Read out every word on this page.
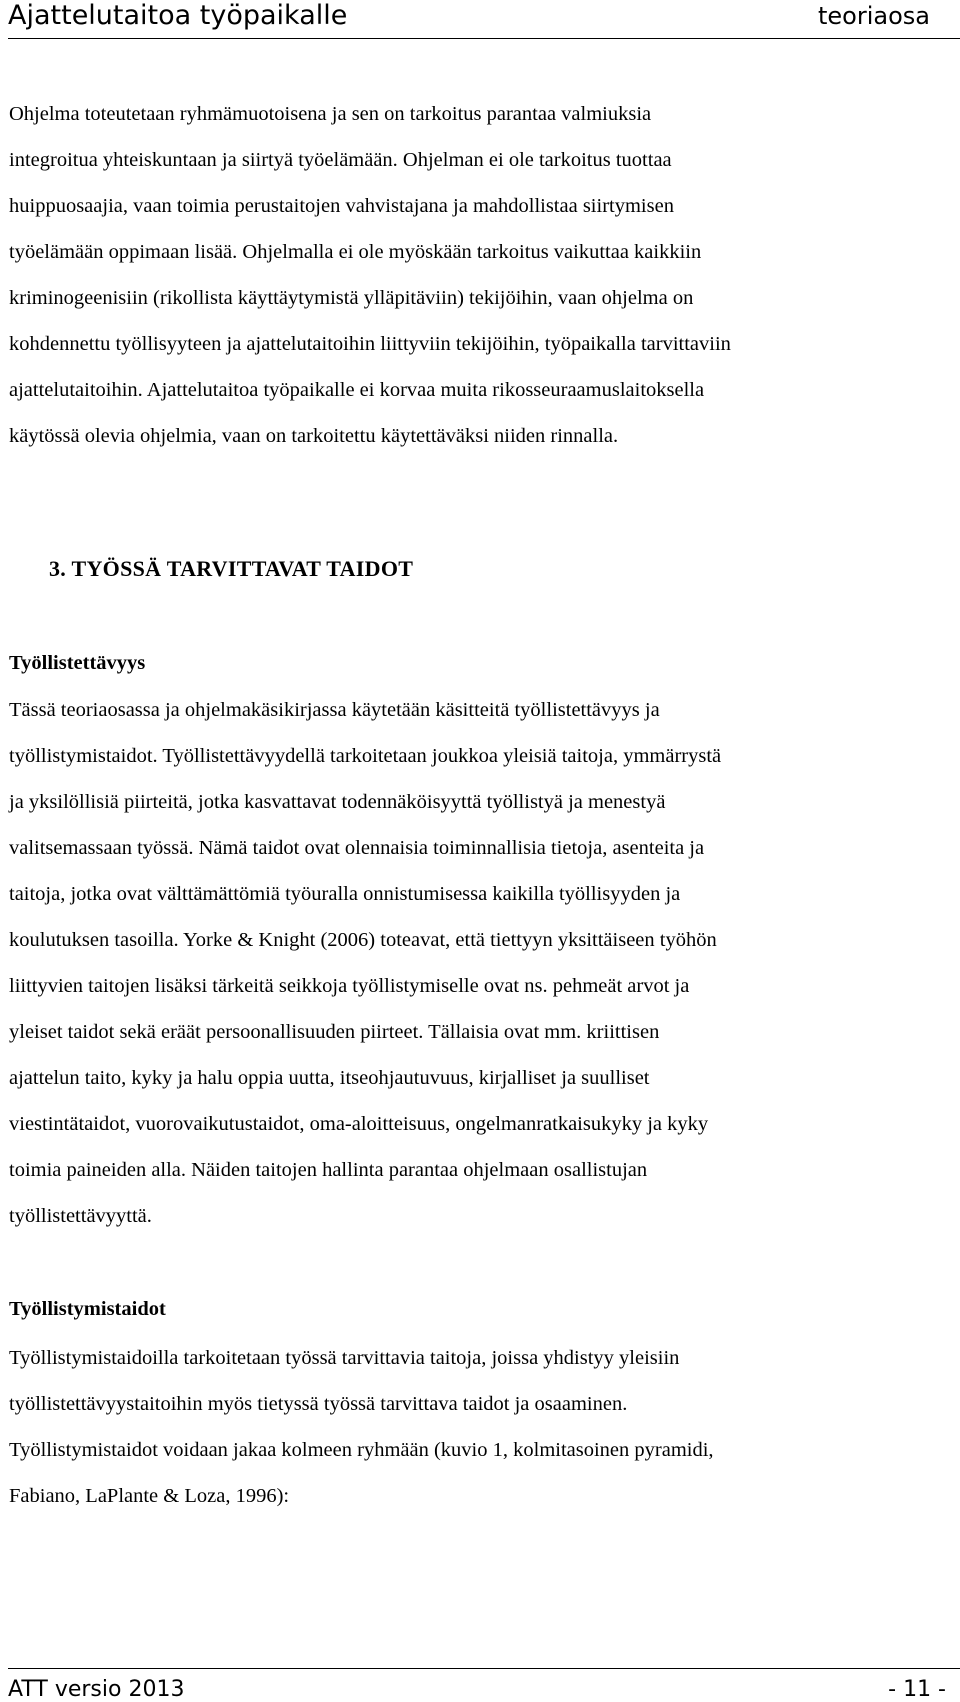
Ajattelutaitoa työpaikalle	teoriaosa
Ohjelma toteutetaan ryhmämuotoisena ja sen on tarkoitus parantaa valmiuksia
integroitua yhteiskuntaan ja siirtyä työelämään. Ohjelman ei ole tarkoitus tuottaa
huippuosaajia, vaan toimia perustaitojen vahvistajana ja mahdollistaa siirtymisen
työelämään oppimaan lisää. Ohjelmalla ei ole myöskään tarkoitus vaikuttaa kaikkiin
kriminogeenisiin (rikollista käyttäytymistä ylläpitäviin) tekijöihin, vaan ohjelma on
kohdennettu työllisyyteen ja ajattelutaitoihin liittyviin tekijöihin, työpaikalla tarvittaviin
ajattelutaitoihin. Ajattelutaitoa työpaikalle ei korvaa muita rikosseuraamuslaitoksella
käytössä olevia ohjelmia, vaan on tarkoitettu käytettäväksi niiden rinnalla.
3. TYÖSSÄ TARVITTAVAT TAIDOT
Työllistettävyys
Tässä teoriaosassa ja ohjelmakäsikirjassa käytetään käsitteitä työllistettävyys ja
työllistymistaidot. Työllistettävyydellä tarkoitetaan joukkoa yleisiä taitoja, ymmärrystä
ja yksilöllisiä piirteitä, jotka kasvattavat todennäköisyyttä työllistyä ja menestyä
valitsemassaan työssä. Nämä taidot ovat olennaisia toiminnallisia tietoja, asenteita ja
taitoja, jotka ovat välttämättömiä työuralla onnistumisessa kaikilla työllisyyden ja
koulutuksen tasoilla. Yorke & Knight (2006) toteavat, että tiettyyn yksittäiseen työhön
liittyvien taitojen lisäksi tärkeitä seikkoja työllistymiselle ovat ns. pehmeät arvot ja
yleiset taidot sekä eräät persoonallisuuden piirteet. Tällaisia ovat mm. kriittisen
ajattelun taito, kyky ja halu oppia uutta, itseohjautuvuus, kirjalliset ja suulliset
viestintätaidot, vuorovaikutustaidot, oma-aloitteisuus, ongelmanratkaisukyky ja kyky
toimia paineiden alla. Näiden taitojen hallinta parantaa ohjelmaan osallistujan
työllistettävyyttä.
Työllistymistaidot
Työllistymistaidoilla tarkoitetaan työssä tarvittavia taitoja, joissa yhdistyy yleisiin
työllistettävyystaitoihin myös tietyssä työssä tarvittava taidot ja osaaminen.
Työllistymistaidot voidaan jakaa kolmeen ryhmään (kuvio 1, kolmitasoinen pyramidi,
Fabiano, LaPlante & Loza, 1996):
ATT versio 2013	- 11 -
